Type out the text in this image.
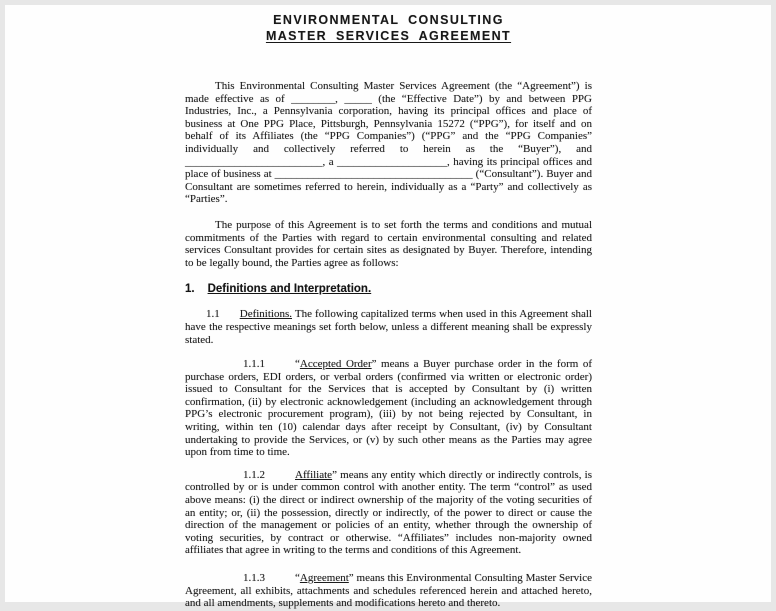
ENVIRONMENTAL CONSULTING
MASTER SERVICES AGREEMENT

This Environmental Consulting Master Services Agreement (the “Agreement”) is made effective as of ________, _____ (the “Effective Date”) by and between PPG Industries, Inc., a Pennsylvania corporation, having its principal offices and place of business at One PPG Place, Pittsburgh, Pennsylvania 15272 (“PPG”), for itself and on behalf of its Affiliates (the “PPG Companies”) (“PPG” and the “PPG Companies” individually and collectively referred to herein as the “Buyer”), and _________________________, a ____________________, having its principal offices and place of business at ____________________________________ (“Consultant”). Buyer and Consultant are sometimes referred to herein, individually as a “Party” and collectively as “Parties”.

The purpose of this Agreement is to set forth the terms and conditions and mutual commitments of the Parties with regard to certain environmental consulting and related services Consultant provides for certain sites as designated by Buyer. Therefore, intending to be legally bound, the Parties agree as follows:

1. Definitions and Interpretation.

1.1 Definitions. The following capitalized terms when used in this Agreement shall have the respective meanings set forth below, unless a different meaning shall be expressly stated.

1.1.1	“Accepted Order” means a Buyer purchase order in the form of purchase orders, EDI orders, or verbal orders (confirmed via written or electronic order) issued to Consultant for the Services that is accepted by Consultant by (i) written confirmation, (ii) by electronic acknowledgement (including an acknowledgement through PPG’s electronic procurement program), (iii) by not being rejected by Consultant, in writing, within ten (10) calendar days after receipt by Consultant, (iv) by Consultant undertaking to provide the Services, or (v) by such other means as the Parties may agree upon from time to time.

1.1.2	Affiliate” means any entity which directly or indirectly controls, is controlled by or is under common control with another entity. The term “control” as used above means: (i) the direct or indirect ownership of the majority of the voting securities of an entity; or, (ii) the possession, directly or indirectly, of the power to direct or cause the direction of the management or policies of an entity, whether through the ownership of voting securities, by contract or otherwise. “Affiliates” includes non-majority owned affiliates that agree in writing to the terms and conditions of this Agreement.

1.1.3	“Agreement” means this Environmental Consulting Master Service Agreement, all exhibits, attachments and schedules referenced herein and attached hereto, and all amendments, supplements and modifications hereto and thereto.
